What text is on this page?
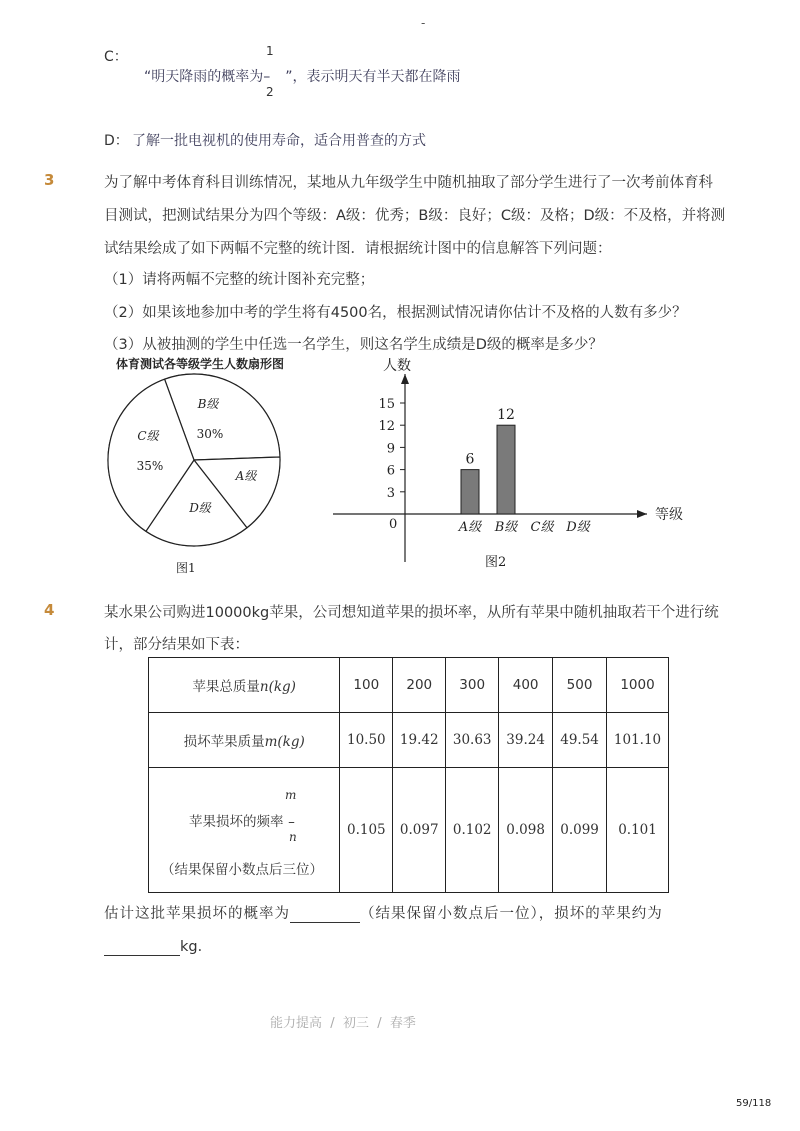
-
C：	1
2
“明天降雨的概率为– ”，表示明天有半天都在降雨
D： 了解一批电视机的使用寿命，适合用普查的方式
3	为了解中考体育科目训练情况，某地从九年级学生中随机抽取了部分学生进行了一次考前体育科
目测试，把测试结果分为四个等级：A级：优秀；B级：良好；C级：及格；D级：不及格，并将测
试结果绘成了如下两幅不完整的统计图．请根据统计图中的信息解答下列问题：
（1）请将两幅不完整的统计图补充完整；
（2）如果该地参加中考的学生将有4500名，根据测试情况请你估计不及格的人数有多少？
（3）从被抽测的学生中任选一名学生，则这名学生成绩是D级的概率是多少？
体育测试各等级学生人数扇形图
B级
30%
A级
D级
C级
35%
图1
人数
等级
0
3
6
9
12
15
A级
6
B级
12
C级 D级
图2
4	某水果公司购进10000kg苹果，公司想知道苹果的损坏率，从所有苹果中随机抽取若干个进行统
计，部分结果如下表：
苹果总质量n(kg)	100	200	300	400	500	1000
损坏苹果质量m(kg)	10.50	19.42	30.63	39.24	49.54	101.10

m
苹果损坏的频率 –
n
（结果保留小数点后三位）	0.105	0.097	0.102	0.098	0.099	0.101
估计这批苹果损坏的概率为	（结果保留小数点后一位），损坏的苹果约为
kg．
能力提高 / 初三 / 春季
59/118
